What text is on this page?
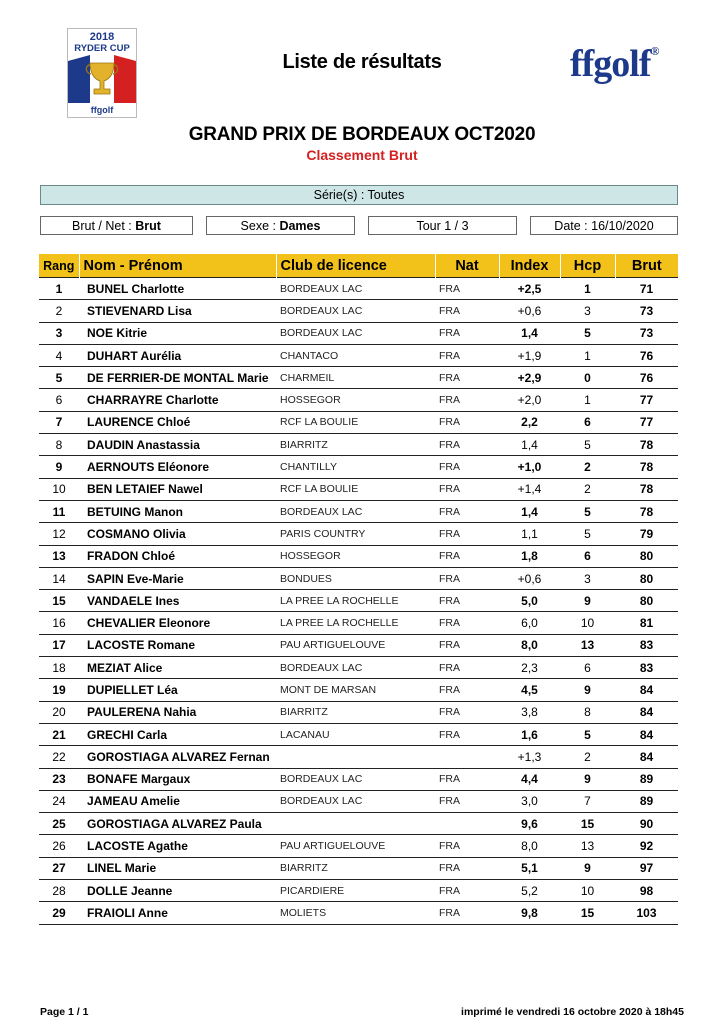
2018
RYDER CUP
ffgolf
Liste de résultats	ffgolf®
GRAND PRIX DE BORDEAUX OCT2020
Classement Brut
Série(s) : Toutes
Brut / Net : Brut	Sexe : Dames	Tour 1 / 3	Date : 16/10/2020
Rang	Nom - Prénom	Club de licence	Nat	Index	Hcp	Brut
1	BUNEL Charlotte	BORDEAUX LAC	FRA	+2,5	1	71
2	STIEVENARD Lisa	BORDEAUX LAC	FRA	+0,6	3	73
3	NOE Kitrie	BORDEAUX LAC	FRA	1,4	5	73
4	DUHART Aurélia	CHANTACO	FRA	+1,9	1	76
5	DE FERRIER-DE MONTAL Marie	CHARMEIL	FRA	+2,9	0	76
6	CHARRAYRE Charlotte	HOSSEGOR	FRA	+2,0	1	77
7	LAURENCE Chloé	RCF LA BOULIE	FRA	2,2	6	77
8	DAUDIN Anastassia	BIARRITZ	FRA	1,4	5	78
9	AERNOUTS Eléonore	CHANTILLY	FRA	+1,0	2	78
10	BEN LETAIEF Nawel	RCF LA BOULIE	FRA	+1,4	2	78
11	BETUING Manon	BORDEAUX LAC	FRA	1,4	5	78
12	COSMANO Olivia	PARIS COUNTRY	FRA	1,1	5	79
13	FRADON Chloé	HOSSEGOR	FRA	1,8	6	80
14	SAPIN Eve-Marie	BONDUES	FRA	+0,6	3	80
15	VANDAELE Ines	LA PREE LA ROCHELLE	FRA	5,0	9	80
16	CHEVALIER Eleonore	LA PREE LA ROCHELLE	FRA	6,0	10	81
17	LACOSTE Romane	PAU ARTIGUELOUVE	FRA	8,0	13	83
18	MEZIAT Alice	BORDEAUX LAC	FRA	2,3	6	83
19	DUPIELLET Léa	MONT DE MARSAN	FRA	4,5	9	84
20	PAULERENA Nahia	BIARRITZ	FRA	3,8	8	84
21	GRECHI Carla	LACANAU	FRA	1,6	5	84
22	GOROSTIAGA ALVAREZ Fernan			+1,3	2	84
23	BONAFE Margaux	BORDEAUX LAC	FRA	4,4	9	89
24	JAMEAU Amelie	BORDEAUX LAC	FRA	3,0	7	89
25	GOROSTIAGA ALVAREZ Paula			9,6	15	90
26	LACOSTE Agathe	PAU ARTIGUELOUVE	FRA	8,0	13	92
27	LINEL Marie	BIARRITZ	FRA	5,1	9	97
28	DOLLE Jeanne	PICARDIERE	FRA	5,2	10	98
29	FRAIOLI Anne	MOLIETS	FRA	9,8	15	103
Page 1 / 1	imprimé le vendredi 16 octobre 2020 à 18h45
